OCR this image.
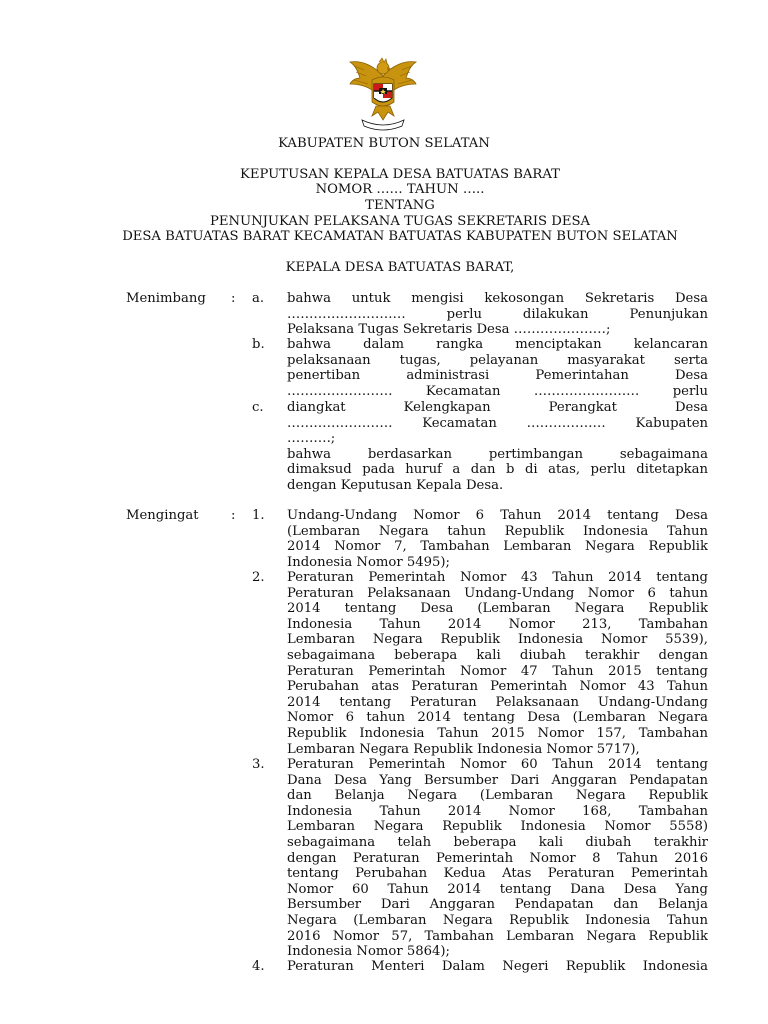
KABUPATEN BUTON SELATAN
KEPUTUSAN KEPALA DESA BATUATAS BARAT
NOMOR …… TAHUN …..
TENTANG
PENUNJUKAN PELAKSANA TUGAS SEKRETARIS DESA
DESA BATUATAS BARAT KECAMATAN BATUATAS KABUPATEN BUTON SELATAN
KEPALA DESA BATUATAS BARAT,
Menimbang : a. bahwa untuk mengisi kekosongan Sekretaris Desa
……………………… perlu dilakukan Penunjukan
Pelaksana Tugas Sekretaris Desa …………………;
b. bahwa dalam rangka menciptakan kelancaran
pelaksanaan tugas, pelayanan masyarakat serta
penertiban administrasi Pemerintahan Desa
…………………… Kecamatan …………………… perlu
c. diangkat Kelengkapan Perangkat Desa
…………………… Kecamatan ……………… Kabupaten
……….;
bahwa berdasarkan pertimbangan sebagaimana
dimaksud pada huruf a dan b di atas, perlu ditetapkan
dengan Keputusan Kepala Desa.
Mengingat : 1. Undang-Undang Nomor 6 Tahun 2014 tentang Desa
(Lembaran Negara tahun Republik Indonesia Tahun
2014 Nomor 7, Tambahan Lembaran Negara Republik
Indonesia Nomor 5495);
2. Peraturan Pemerintah Nomor 43 Tahun 2014 tentang
Peraturan Pelaksanaan Undang-Undang Nomor 6 tahun
2014 tentang Desa (Lembaran Negara Republik
Indonesia Tahun 2014 Nomor 213, Tambahan
Lembaran Negara Republik Indonesia Nomor 5539),
sebagaimana beberapa kali diubah terakhir dengan
Peraturan Pemerintah Nomor 47 Tahun 2015 tentang
Perubahan atas Peraturan Pemerintah Nomor 43 Tahun
2014 tentang Peraturan Pelaksanaan Undang-Undang
Nomor 6 tahun 2014 tentang Desa (Lembaran Negara
Republik Indonesia Tahun 2015 Nomor 157, Tambahan
Lembaran Negara Republik Indonesia Nomor 5717),
3. Peraturan Pemerintah Nomor 60 Tahun 2014 tentang
Dana Desa Yang Bersumber Dari Anggaran Pendapatan
dan Belanja Negara (Lembaran Negara Republik
Indonesia Tahun 2014 Nomor 168, Tambahan
Lembaran Negara Republik Indonesia Nomor 5558)
sebagaimana telah beberapa kali diubah terakhir
dengan Peraturan Pemerintah Nomor 8 Tahun 2016
tentang Perubahan Kedua Atas Peraturan Pemerintah
Nomor 60 Tahun 2014 tentang Dana Desa Yang
Bersumber Dari Anggaran Pendapatan dan Belanja
Negara (Lembaran Negara Republik Indonesia Tahun
2016 Nomor 57, Tambahan Lembaran Negara Republik
Indonesia Nomor 5864);
4. Peraturan Menteri Dalam Negeri Republik Indonesia
